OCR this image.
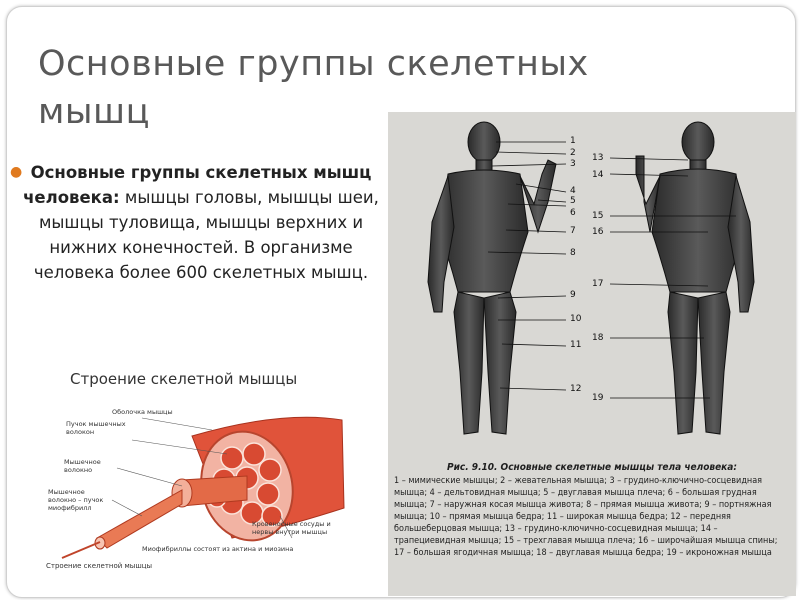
Основные группы скелетных мышц
● Основные группы скелетных мышц человека: мышцы головы, мышцы шеи, мышцы туловища, мышцы верхних и нижних конечностей. В организме человека более 600 скелетных мышц.
Строение скелетной мышцы
Оболочка мышцы
Пучок мышечных волокон
Мышечное волокно
Мышечное волокно – пучок миофибрилл
Кровеносные сосуды и нервы внутри мышцы
Миофибриллы состоят из актина и миозина
Строение скелетной мышцы
1
2
3
4
5
6
7
8
9
10
11
12
13
14
15
16
17
18
19
Рис. 9.10. Основные скелетные мышцы тела человека:
1 – мимические мышцы; 2 – жевательная мышца; 3 – грудино-ключично-сосцевидная мышца; 4 – дельтовидная мышца; 5 – двуглавая мышца плеча; 6 – большая грудная мышца; 7 – наружная косая мышца живота; 8 – прямая мышца живота; 9 – портняжная мышца; 10 – прямая мышца бедра; 11 – широкая мышца бедра; 12 – передняя большеберцовая мышца; 13 – грудино-ключично-сосцевидная мышца; 14 – трапециевидная мышца; 15 – трехглавая мышца плеча; 16 – широчайшая мышца спины; 17 – большая ягодичная мышца; 18 – двуглавая мышца бедра; 19 – икроножная мышца
